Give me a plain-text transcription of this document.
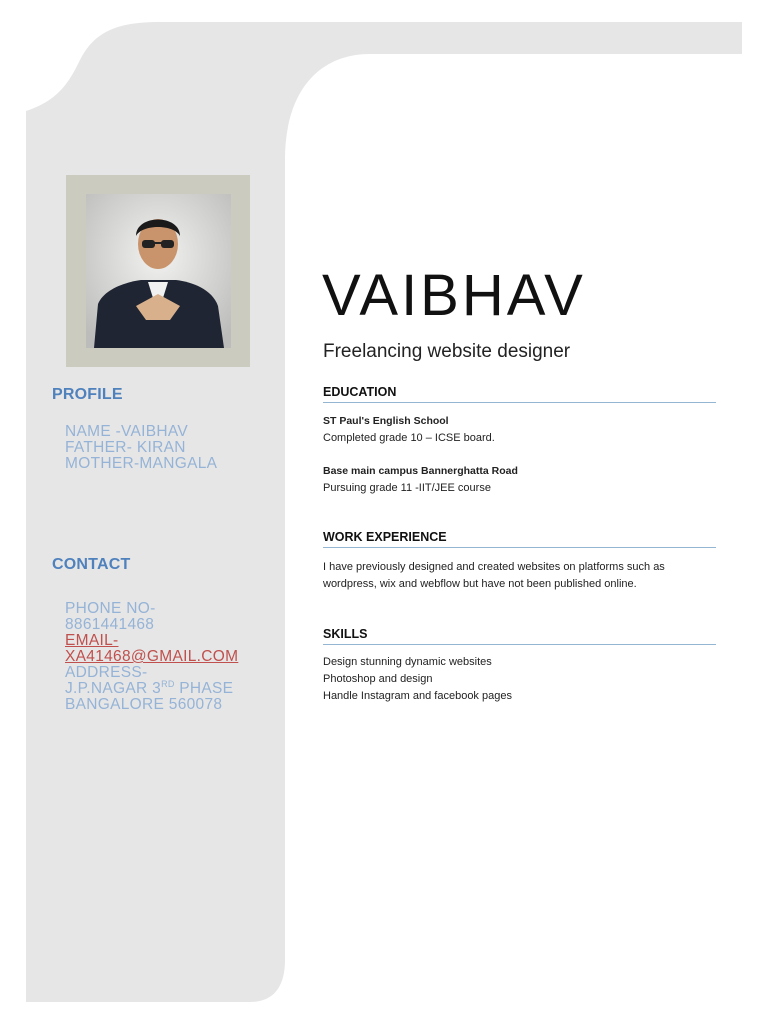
PROFILE
NAME -VAIBHAV
FATHER- KIRAN
MOTHER-MANGALA
CONTACT
PHONE NO-
8861441468
EMAIL-
XA41468@GMAIL.COM
ADDRESS-
J.P.NAGAR 3RD PHASE
BANGALORE 560078
VAIBHAV

Freelancing website designer

EDUCATION
ST Paul's English School
Completed grade 10 – ICSE board.
Base main campus Bannerghatta Road
Pursuing grade 11 -IIT/JEE course
WORK EXPERIENCE

I have previously designed and created websites on platforms such as wordpress, wix and webflow but have not been published online.

SKILLS
Design stunning dynamic websites
Photoshop and design
Handle Instagram and facebook pages
